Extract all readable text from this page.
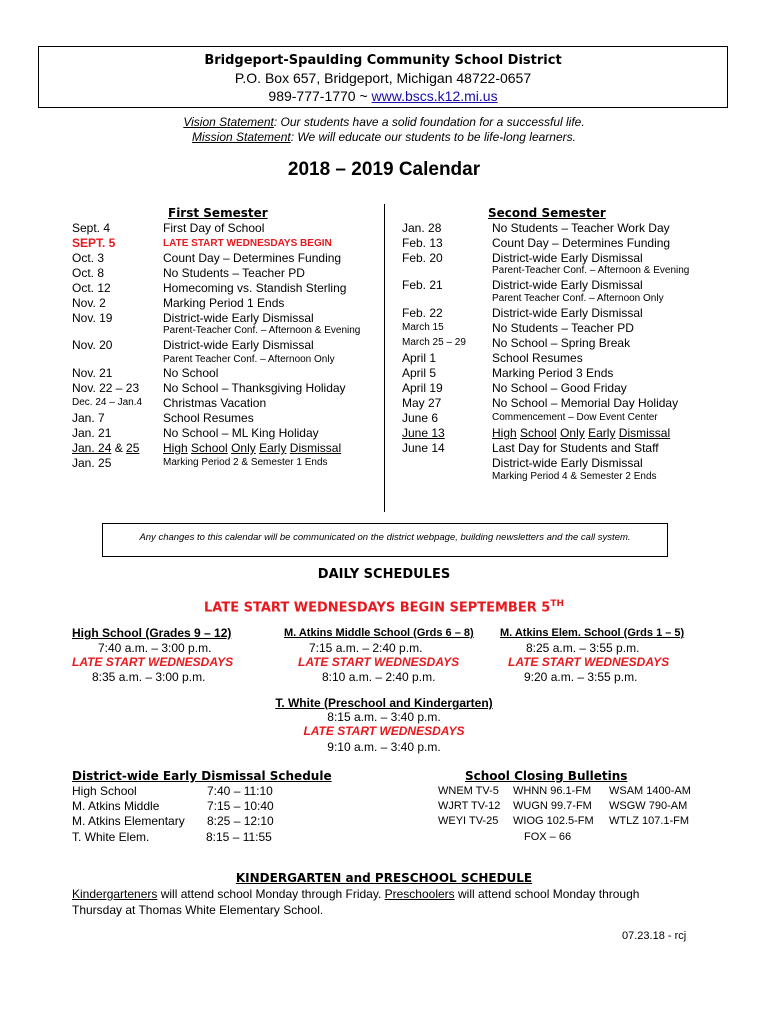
Bridgeport-Spaulding Community School District
P.O. Box 657, Bridgeport, Michigan 48722-0657
989-777-1770 ~ www.bscs.k12.mi.us
Vision Statement: Our students have a solid foundation for a successful life.
Mission Statement: We will educate our students to be life-long learners.
2018 – 2019 Calendar
First Semester	Second Semester
Sept. 4	First Day of School
SEPT. 5	LATE START WEDNESDAYS BEGIN
Oct. 3	Count Day – Determines Funding
Oct. 8	No Students – Teacher PD
Oct. 12	Homecoming vs. Standish Sterling
Nov. 2	Marking Period 1 Ends
Nov. 19	District-wide Early Dismissal
Parent-Teacher Conf. – Afternoon & Evening
Nov. 20	District-wide Early Dismissal
Parent Teacher Conf. – Afternoon Only
Nov. 21	No School
Nov. 22 – 23 No School – Thanksgiving Holiday
Dec. 24 – Jan.4 Christmas Vacation
Jan. 7	School Resumes
Jan. 21	No School – ML King Holiday
Jan. 24 & 25 High School Only Early Dismissal
Jan. 25	Marking Period 2 & Semester 1 Ends
Jan. 28	No Students – Teacher Work Day
Feb. 13	Count Day – Determines Funding
Feb. 20	District-wide Early Dismissal
Parent-Teacher Conf. – Afternoon & Evening
Feb. 21	District-wide Early Dismissal
Parent Teacher Conf. – Afternoon Only
Feb. 22	District-wide Early Dismissal
March 15	No Students – Teacher PD
March 25 – 29 No School – Spring Break
April 1	School Resumes
April 5	Marking Period 3 Ends
April 19	No School – Good Friday
May 27	No School – Memorial Day Holiday
June 6	Commencement – Dow Event Center
June 13	High School Only Early Dismissal
June 14	Last Day for Students and Staff
District-wide Early Dismissal
Marking Period 4 & Semester 2 Ends
Any changes to this calendar will be communicated on the district webpage, building newsletters and the call system.
DAILY SCHEDULES
LATE START WEDNESDAYS BEGIN SEPTEMBER 5TH
High School (Grades 9 – 12)
7:40 a.m. – 3:00 p.m.
LATE START WEDNESDAYS
8:35 a.m. – 3:00 p.m.
M. Atkins Middle School (Grds 6 – 8)
7:15 a.m. – 2:40 p.m.
LATE START WEDNESDAYS
8:10 a.m. – 2:40 p.m.
M. Atkins Elem. School (Grds 1 – 5)
8:25 a.m. – 3:55 p.m.
LATE START WEDNESDAYS
9:20 a.m. – 3:55 p.m.
T. White (Preschool and Kindergarten)
8:15 a.m. – 3:40 p.m.
LATE START WEDNESDAYS
9:10 a.m. – 3:40 p.m.
District-wide Early Dismissal Schedule
High School	7:40 – 11:10
M. Atkins Middle	7:15 – 10:40
M. Atkins Elementary 8:25 – 12:10
T. White Elem.	8:15 – 11:55
School Closing Bulletins
WNEM TV-5 WHNN 96.1-FM WSAM 1400-AM
WJRT TV-12 WUGN 99.7-FM WSGW 790-AM
WEYI TV-25 WIOG 102.5-FM WTLZ 107.1-FM
FOX – 66
KINDERGARTEN and PRESCHOOL SCHEDULE
Kindergarteners will attend school Monday through Friday. Preschoolers will attend school Monday through
Thursday at Thomas White Elementary School.
07.23.18 - rcj
